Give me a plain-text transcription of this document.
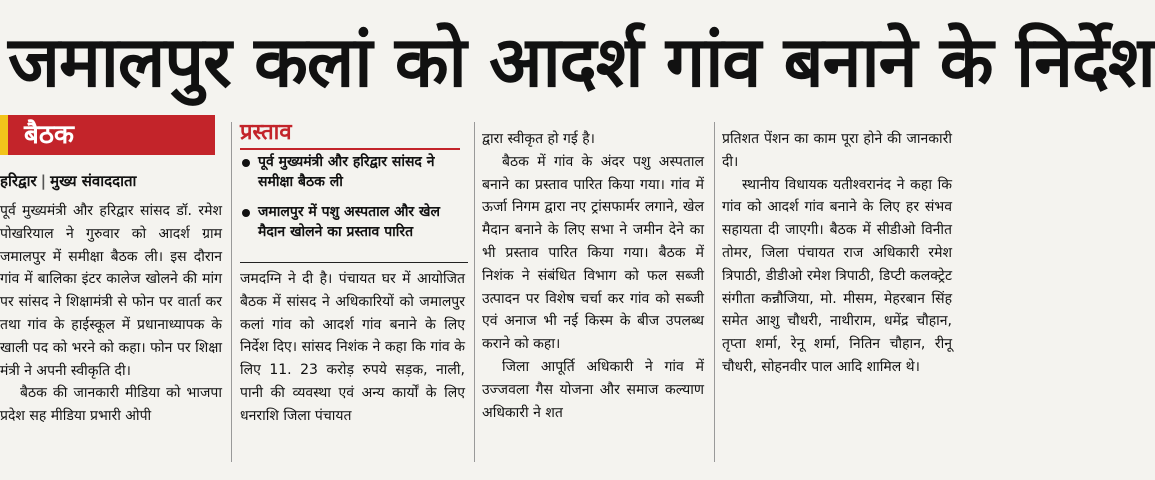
जमालपुर कलां को आदर्श गांव बनाने के निर्देश
बैठक
हरिद्वार | मुख्य संवाददाता

पूर्व मुख्यमंत्री और हरिद्वार सांसद डॉ. रमेश पोखरियाल ने गुरुवार को आदर्श ग्राम जमालपुर में समीक्षा बैठक ली। इस दौरान गांव में बालिका इंटर कालेज खोलने की मांग पर सांसद ने शिक्षामंत्री से फोन पर वार्ता कर तथा गांव के हाईस्कूल में प्रधानाध्यापक के खाली पद को भरने को कहा। फोन पर शिक्षा मंत्री ने अपनी स्वीकृति दी।

बैठक की जानकारी मीडिया को भाजपा प्रदेश सह मीडिया प्रभारी ओपी

प्रस्ताव
पूर्व मुख्यमंत्री और हरिद्वार सांसद ने समीक्षा बैठक ली
जमालपुर में पशु अस्पताल और खेल मैदान खोलने का प्रस्ताव पारित

जमदग्नि ने दी है। पंचायत घर में आयोजित बैठक में सांसद ने अधिकारियों को जमालपुर कलां गांव को आदर्श गांव बनाने के लिए निर्देश दिए। सांसद निशंक ने कहा कि गांव के लिए 11. 23 करोड़ रुपये सड़क, नाली, पानी की व्यवस्था एवं अन्य कार्यों के लिए धनराशि जिला पंचायत

द्वारा स्वीकृत हो गई है।

बैठक में गांव के अंदर पशु अस्पताल बनाने का प्रस्ताव पारित किया गया। गांव में ऊर्जा निगम द्वारा नए ट्रांसफार्मर लगाने, खेल मैदान बनाने के लिए सभा ने जमीन देने का भी प्रस्ताव पारित किया गया। बैठक में निशंक ने संबंधित विभाग को फल सब्जी उत्पादन पर विशेष चर्चा कर गांव को सब्जी एवं अनाज भी नई किस्म के बीज उपलब्ध कराने को कहा।

जिला आपूर्ति अधिकारी ने गांव में उज्जवला गैस योजना और समाज कल्याण अधिकारी ने शत

प्रतिशत पेंशन का काम पूरा होने की जानकारी दी।

स्थानीय विधायक यतीश्वरानंद ने कहा कि गांव को आदर्श गांव बनाने के लिए हर संभव सहायता दी जाएगी। बैठक में सीडीओ विनीत तोमर, जिला पंचायत राज अधिकारी रमेश त्रिपाठी, डीडीओ रमेश त्रिपाठी, डिप्टी कलक्ट्रेट संगीता कन्नौजिया, मो. मीसम, मेहरबान सिंह समेत आशु चौधरी, नाथीराम, धमेंद्र चौहान, तृप्ता शर्मा, रेनू शर्मा, नितिन चौहान, रीनू चौधरी, सोहनवीर पाल आदि शामिल थे।
